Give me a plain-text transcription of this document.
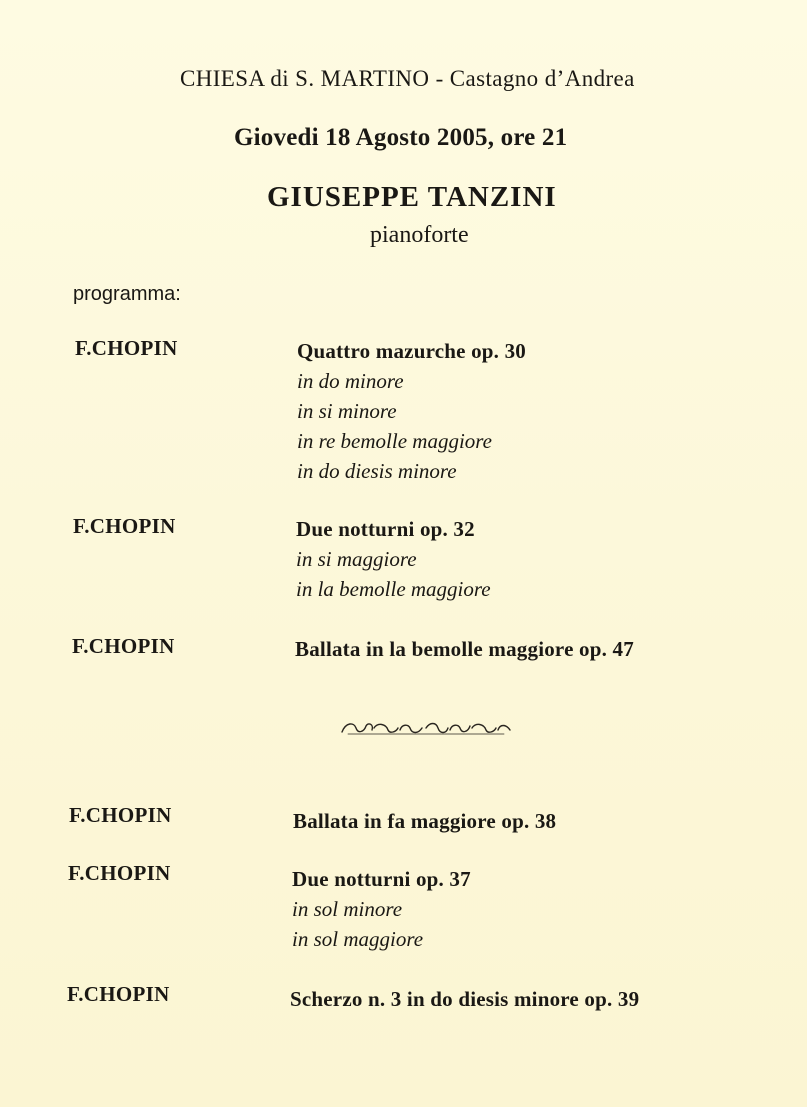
CHIESA di S. MARTINO - Castagno d’Andrea
Giovedi 18 Agosto 2005, ore 21
GIUSEPPE TANZINI
pianoforte
programma:
F.CHOPIN	Quattro mazurche op. 30
in do minore
in si minore
in re bemolle maggiore
in do diesis minore
F.CHOPIN	Due notturni op. 32
in si maggiore
in la bemolle maggiore
F.CHOPIN	Ballata in la bemolle maggiore op. 47
F.CHOPIN	Ballata in fa maggiore op. 38
F.CHOPIN	Due notturni op. 37
in sol minore
in sol maggiore
F.CHOPIN	Scherzo n. 3 in do diesis minore op. 39
